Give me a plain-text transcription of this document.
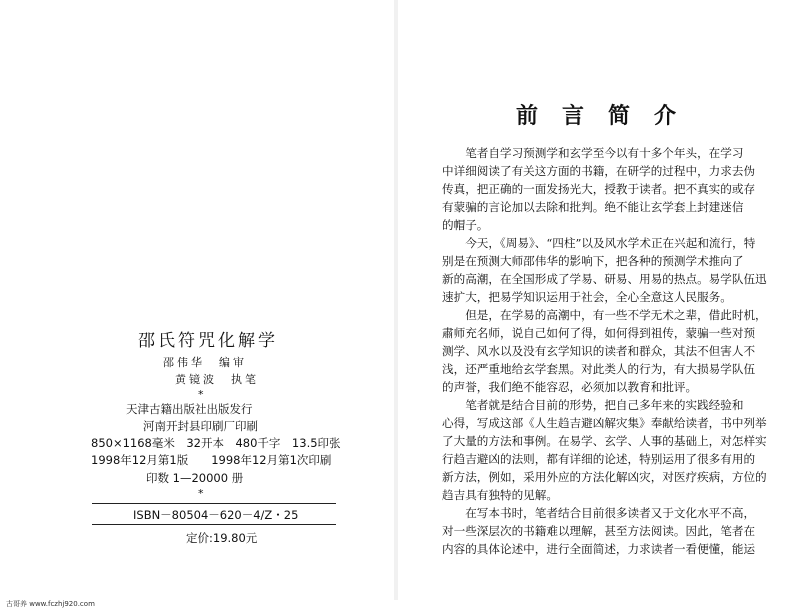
邵氏符咒化解学
邵伟华　编审
黄镜波　执笔
*
天津古籍出版社出版发行
河南开封县印刷厂印刷
850×1168毫米　32开本　480千字　13.5印张
1998年12月第1版　　1998年12月第1次印刷
印数 1—20000 册
*
ISBN－80504－620－4/Z・25
定价:19.80元
前言简介
　　笔者自学习预测学和玄学至今以有十多个年头，在学习
中详细阅读了有关这方面的书籍，在研学的过程中，力求去伪
传真，把正确的一面发扬光大，授教于读者。把不真实的或存
有蒙骗的言论加以去除和批判。绝不能让玄学套上封建迷信
的帽子。
　　今天，《周易》、“四柱”以及风水学术正在兴起和流行，特
别是在预测大师邵伟华的影响下，把各种的预测学术推向了
新的高潮，在全国形成了学易、研易、用易的热点。易学队伍迅
速扩大，把易学知识运用于社会，全心全意这人民服务。
　　但是，在学易的高潮中，有一些不学无术之辈，借此时机，
肅师充名师，说自己如何了得，如何得到祖传，蒙骗一些对预
测学、风水以及没有玄学知识的读者和群众，其法不但害人不
浅，还严重地给玄学套黑。对此类人的行为，有大损易学队伍
的声誉，我们绝不能容忍，必须加以教育和批评。
　　笔者就是结合目前的形势，把自己多年来的实践经验和
心得，写成这部《人生趋吉避凶解灾集》奉献给读者，书中列举
了大量的方法和事例。在易学、玄学、人事的基础上，对怎样实
行趋吉避凶的法则，都有详细的论述，特别运用了很多有用的
新方法，例如，采用外应的方法化解凶灾，对医疗疾病，方位的
趋吉具有独特的见解。
　　在写本书时，笔者结合目前很多读者又于文化水平不高，
对一些深层次的书籍难以理解，甚至方法阅读。因此，笔者在
内容的具体论述中，进行全面简述，力求读者一看便懂，能运
古哥养 www.fczhj920.com
